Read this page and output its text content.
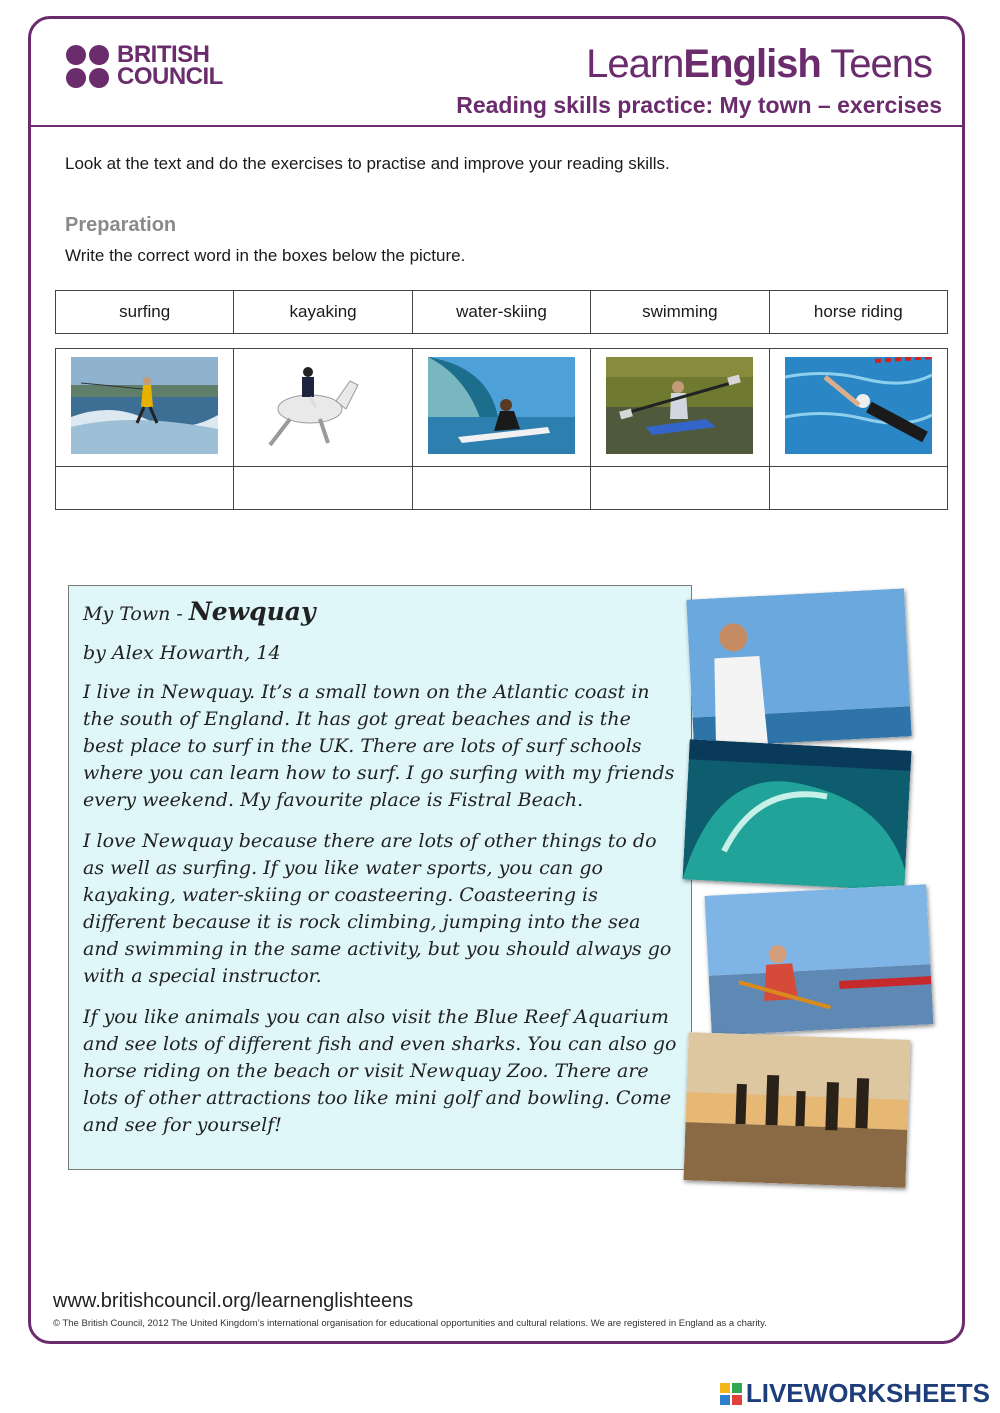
BRITISH
COUNCIL	LearnEnglish Teens
Reading skills practice: My town – exercises
Look at the text and do the exercises to practise and improve your reading skills.
Preparation
Write the correct word in the boxes below the picture.
surfing	kayaking	water-skiing	swimming	horse riding

My Town - Newquay
by Alex Howarth, 14

I live in Newquay. It’s a small town on the Atlantic coast in the south of England. It has got great beaches and is the best place to surf in the UK. There are lots of surf schools where you can learn how to surf. I go surfing with my friends every weekend. My favourite place is Fistral Beach.

I love Newquay because there are lots of other things to do as well as surfing. If you like water sports, you can go kayaking, water-skiing or coasteering. Coasteering is different because it is rock climbing, jumping into the sea and swimming in the same activity, but you should always go with a special instructor.

If you like animals you can also visit the Blue Reef Aquarium and see lots of different fish and even sharks. You can also go horse riding on the beach or visit Newquay Zoo. There are lots of other attractions too like mini golf and bowling. Come and see for yourself!

www.britishcouncil.org/learnenglishteens
© The British Council, 2012 The United Kingdom’s international organisation for educational opportunities and cultural relations. We are registered in England as a charity.
LIVEWORKSHEETS
